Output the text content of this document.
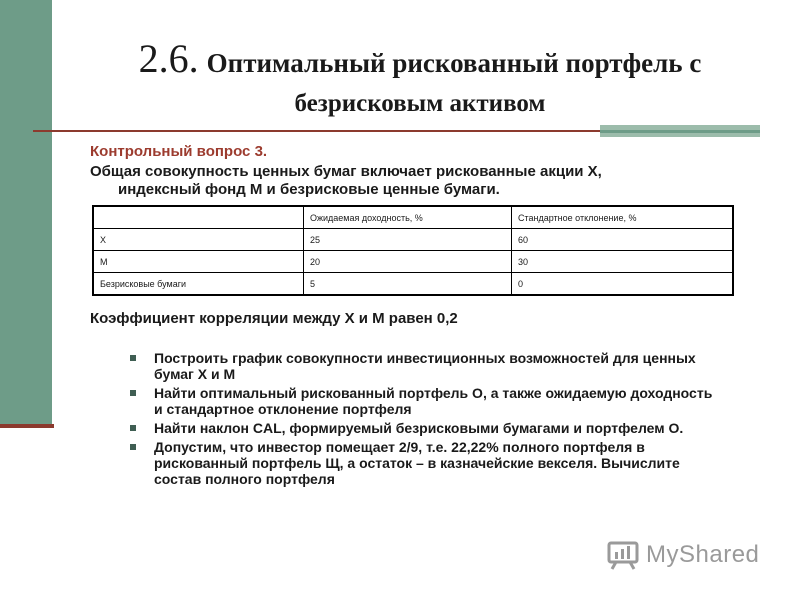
2.6. Оптимальный рискованный портфель с
безрисковым активом
Контрольный вопрос 3.
Общая совокупность ценных бумаг включает рискованные акции Х,
индексный фонд М и безрисковые ценные бумаги.
	Ожидаемая доходность, %	Стандартное отклонение, %
Х	25	60
М	20	30
Безрисковые бумаги	5	0
Коэффициент корреляции между Х и М равен 0,2
Построить график совокупности инвестиционных возможностей для ценных бумаг Х и М
Найти оптимальный рискованный портфель О, а также ожидаемую доходность и стандартное отклонение портфеля
Найти наклон CAL, формируемый безрисковыми бумагами и портфелем О.
Допустим, что инвестор помещает 2/9, т.е. 22,22% полного портфеля в рискованный портфель Щ, а остаток – в казначейские векселя. Вычислите состав полного портфеля
MyShared
